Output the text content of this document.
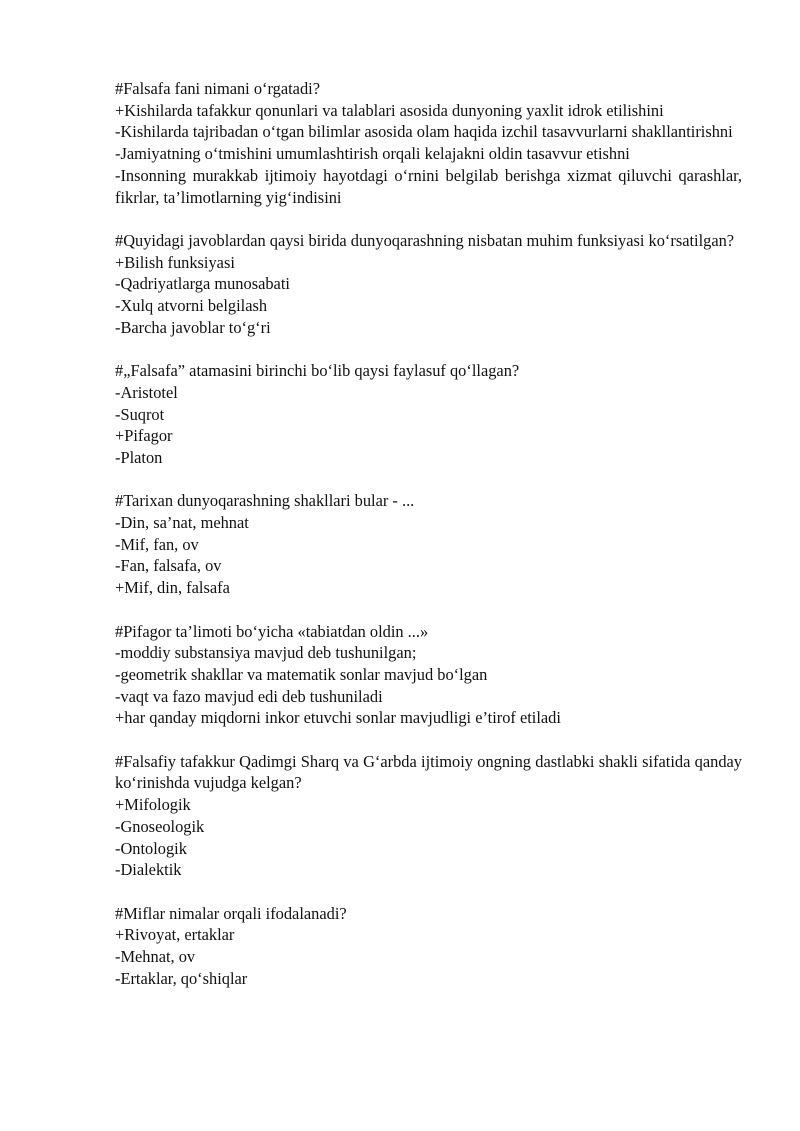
#Falsafa fani nimani o‘rgatadi?
+Kishilarda tafakkur qonunlari va talablari asosida dunyoning yaxlit idrok etilishini
-Kishilarda tajribadan o‘tgan bilimlar asosida olam haqida izchil tasavvurlarni shakllantirishni
-Jamiyatning o‘tmishini umumlashtirish orqali kelajakni oldin tasavvur etishni
-Insonning murakkab ijtimoiy hayotdagi o‘rnini belgilab berishga xizmat qiluvchi qarashlar, fikrlar, ta’limotlarning yig‘indisini
#Quyidagi javoblardan qaysi birida dunyoqarashning nisbatan muhim funksiyasi ko‘rsatilgan?
+Bilish funksiyasi
-Qadriyatlarga munosabati
-Xulq atvorni belgilash
-Barcha javoblar to‘g‘ri
#„Falsafa” atamasini birinchi bo‘lib qaysi faylasuf qo‘llagan?
-Aristotel
-Suqrot
+Pifagor
-Platon
#Tarixan dunyoqarashning shakllari bular - ...
-Din, sa’nat, mehnat
-Mif, fan, ov
-Fan, falsafa, ov
+Mif, din, falsafa
#Pifagor ta’limoti bo‘yicha «tabiatdan oldin ...»
-moddiy substansiya mavjud deb tushunilgan;
-geometrik shakllar va matematik sonlar mavjud bo‘lgan
-vaqt va fazo mavjud edi deb tushuniladi
+har qanday miqdorni inkor etuvchi sonlar mavjudligi e’tirof etiladi
#Falsafiy tafakkur Qadimgi Sharq va G‘arbda ijtimoiy ongning dastlabki shakli sifatida qanday ko‘rinishda vujudga kelgan?
+Mifologik
-Gnoseologik
-Ontologik
-Dialektik
#Miflar nimalar orqali ifodalanadi?
+Rivoyat, ertaklar
-Mehnat, ov
-Ertaklar, qo‘shiqlar
